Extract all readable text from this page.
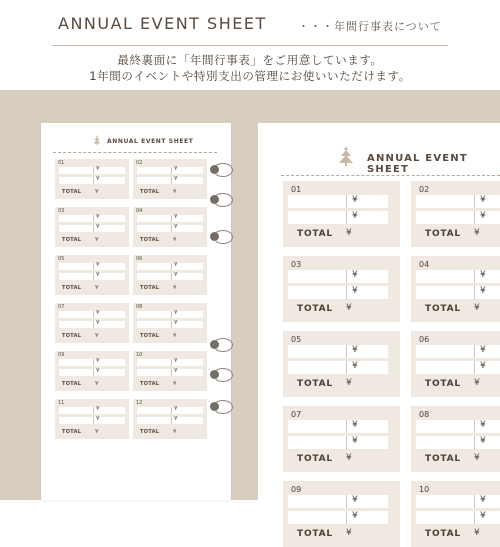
ANNUAL EVENT SHEET	・・・年間行事表について
最終裏面に「年間行事表」をご用意しています。
1年間のイベントや特別支出の管理にお使いいただけます。
ANNUAL EVENT SHEET
01
¥
¥
TOTAL	¥
02
¥
¥
TOTAL	¥
03
¥
¥
TOTAL	¥
04
¥
¥
TOTAL	¥
05
¥
¥
TOTAL	¥
06
¥
¥
TOTAL	¥
07
¥
¥
TOTAL	¥
08
¥
¥
TOTAL	¥
09
¥
¥
TOTAL	¥
10
¥
¥
TOTAL	¥
11
¥
¥
TOTAL	¥
12
¥
¥
TOTAL	¥
ANNUAL EVENT SHEET
01
¥
¥
TOTAL ¥
02
¥
¥
TOTAL ¥
03
¥
¥
TOTAL ¥
04
¥
¥
TOTAL ¥
05
¥
¥
TOTAL ¥
06
¥
¥
TOTAL ¥
07
¥
¥
TOTAL ¥
08
¥
¥
TOTAL ¥
09
¥
¥
TOTAL ¥
10
¥
¥
TOTAL ¥
